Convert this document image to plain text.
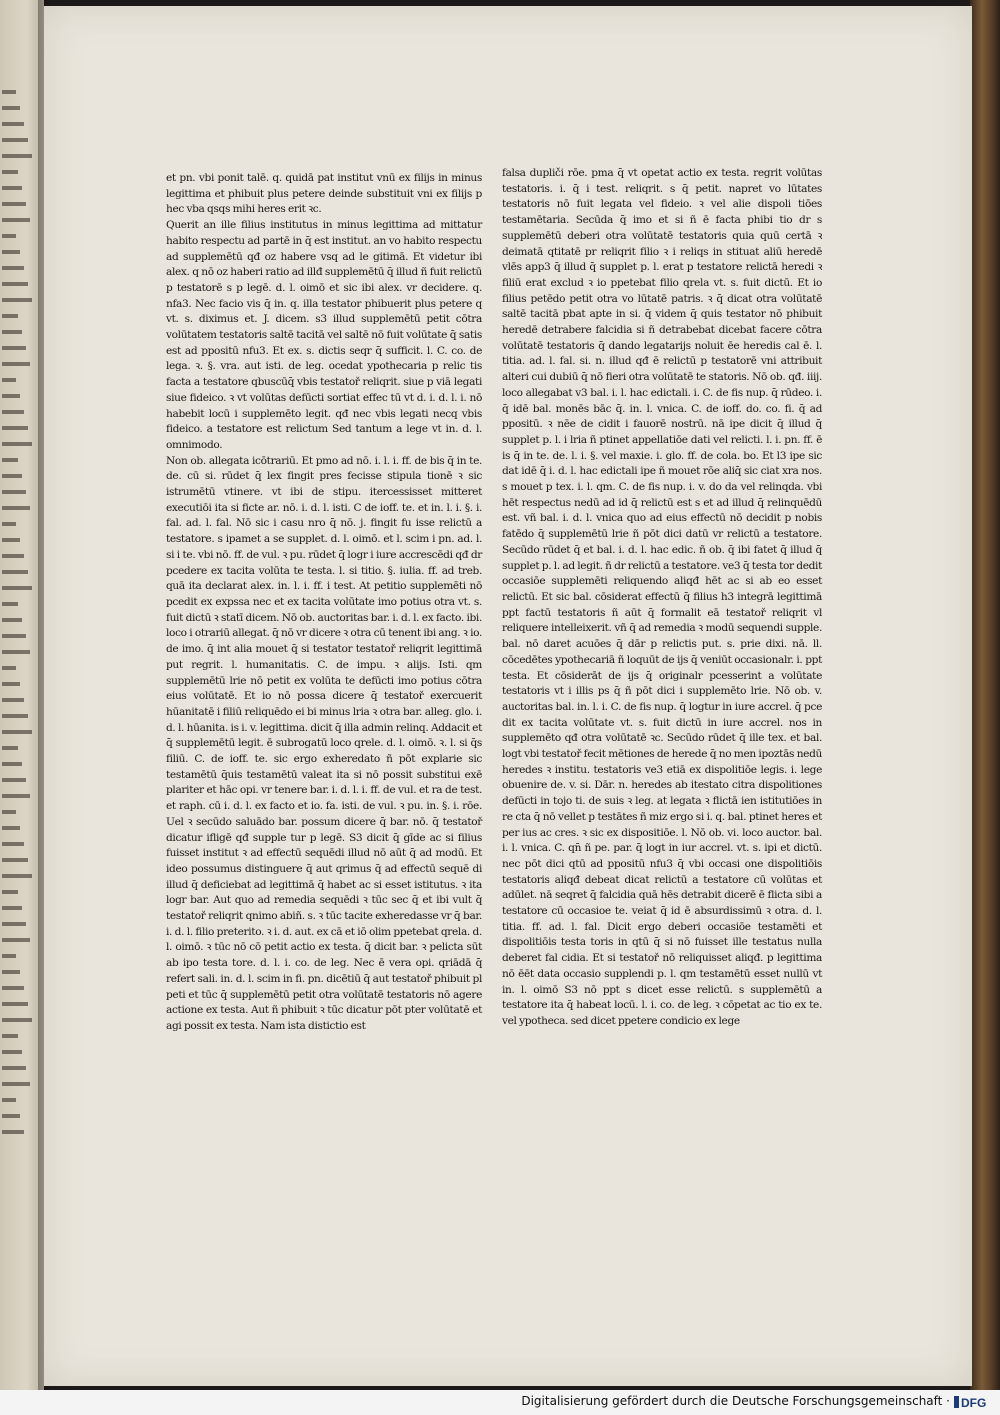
et pn. vbi ponit talē. q. quidā pat institut vnū ex filijs in minus legittima et phibuit plus petere deinde substituit vni ex filijs p hec vba qsqs mihi heres erit ꝛc.

Querit an ille filius institutus in minus legittima ad mittatur habito respectu ad partē in q̄ est institut. an vo habito respectu ad supplemētū qđ oz habere vsq ad le gitimā. Et videtur ibi alex. q nō oz haberi ratio ad illđ supplemētū q̄ illud ñ fuit relictū p testatorē s p legē. d. l. oimō et sic ibi alex. vr decidere. q. nfa3. Nec facio vis q̄ in. q. illa testator phibuerit plus petere q vt. s. diximus et. J. dicem. s3 illud supplemētū petit cōtra volūtatem testatoris saltē tacitā vel saltē nō fuit volūtate q̄ satis est ad ppositū nfu3. Et ex. s. dictis seqr q̄ sufficit. l. C. co. de lega. ꝛ. §. vra. aut isti. de leg. ocedat ypothecaria p relic tis facta a testatore qbuscūq̄ vbis testatoř reliqrit. siue p viā legati siue fideico. ꝛ vt volūtas defūcti sortiat effec tū vt d. i. d. l. i. nō habebit locū i supplemēto legit. qđ nec vbis legati necq vbis fideico. a testatore est relictum Sed tantum a lege vt in. d. l. omnimodo.

Non ob. allegata icōtrariū. Et pmo ad nō. i. l. i. ff. de bis q̄ in te. de. cū si. rūdet q̄ lex fingit pres fecisse stipula tionē ꝛ sic istrumētū vtinere. vt ibi de stipu. itercessisset mitteret executiōi ita si ficte ar. nō. i. d. l. isti. C de ioff. te. et in. l. i. §. i. fal. ad. l. fal. Nō sic i casu nro q̄ nō. j. fingit fu isse relictū a testatore. s ipamet a se supplet. d. l. oimō. et l. scim i pn. ad. l. si i te. vbi nō. ff. de vul. ꝛ pu. rūdet q̄ logr i iure accrescēdi qđ dr pcedere ex tacita volūta te testa. l. si titio. §. iulia. ff. ad treb. quā ita declarat alex. in. l. i. ff. i test. At petitio supplemēti nō pcedit ex expssa nec et ex tacita volūtate imo potius otra vt. s. fuit dictū ꝛ statī dicem. Nō ob. auctoritas bar. i. d. l. ex facto. ibi. loco i otrariū allegat. q̄ nō vr dicere ꝛ otra cū tenent ibi ang. ꝛ io. de imo. q̄ int alia mouet q̄ si testator testatoř reliqrit legittimā put regrit. l. humanitatis. C. de impu. ꝛ alijs. Isti. qm supplemētū lrie nō petit ex volūta te defūcti imo potius cōtra eius volūtatē. Et io nō possa dicere q̄ testatoř exercuerit hūanitatē i filiū reliquēdo ei bi minus lria ꝛ otra bar. alleg. glo. i. d. l. hūanita. is i. v. legittima. dicit q̄ illa admin relinq. Addacit et q̄ supplemētū legit. ē subrogatū loco qrele. d. l. oimō. ꝛ. l. si q̄s filiū. C. de ioff. te. sic ergo exheredato ñ pōt explarie sic testamētū q̄uis testamētū valeat ita si nō possit substitui exē plariter et hāc opi. vr tenere bar. i. d. l. i. ff. de vul. et ra de test. et raph. cū i. d. l. ex facto et io. fa. isti. de vul. ꝛ pu. in. §. i. rōe. Uel ꝛ secūdo saluādo bar. possum dicere q̄ bar. nō. q̄ testatoř dicatur ifligē qđ supple tur p legē. S3 dicit q̄ gīde ac si filius fuisset institut ꝛ ad effectū sequēdi illud nō aūt q̄ ad modū. Et ideo possumus distinguere q̄ aut qrimus q̄ ad effectū sequē di illud q̄ deficiebat ad legittimā q̄ habet ac si esset istitutus. ꝛ ita logr bar. Aut quo ad remedia sequēdi ꝛ tūc sec q̄ et ibi vult q̄ testatoř reliqrit qnimo abiñ. s. ꝛ tūc tacite exheredasse vr q̄ bar. i. d. l. filio preterito. ꝛ i. d. aut. ex cā et iō olim ppetebat qrela. d. l. oimō. ꝛ tūc nō cō petit actio ex testa. q̄ dicit bar. ꝛ pelicta sūt ab ipo testa tore. d. l. i. co. de leg. Nec ē vera opi. qriādā q̄ refert sali. in. d. l. scim in fi. pn. dicētiū q̄ aut testatoř phibuit pl peti et tūc q̄ supplemētū petit otra volūtatē testatoris nō agere actione ex testa. Aut ñ phibuit ꝛ tūc dicatur pōt pter volūtatē et agi possit ex testa. Nam ista distictio est

falsa dupliči rōe. pma q̄ vt opetat actio ex testa. regrit volūtas testatoris. i. q̄ i test. reliqrit. s q̄ petit. napret vo lūtates testatoris nō fuit legata vel fideio. ꝛ vel alie dispoli tiōes testamētaria. Secūda q̄ imo et si ñ ē facta phibi tio dr s supplemētū deberi otra volūtatē testatoris quia quū certā ꝛ deimatā qtitatē pr reliqrit filio ꝛ i reliqs in stituat aliū heredē vlēs app3 q̄ illud q̄ supplet p. l. erat p testatore relictā heredi ꝛ filiū erat exclud ꝛ io ppetebat filio qrela vt. s. fuit dictū. Et io filius petēdo petit otra vo lūtatē patris. ꝛ q̄ dicat otra volūtatē saltē tacitā pbat apte in si. q̄ videm q̄ quis testator nō phibuit heredē detrabere falcidia si ñ detrabebat dicebat facere cōtra volūtatē testatoris q̄ dando legatarijs noluit ēe heredis cal ē. l. titia. ad. l. fal. si. n. illud qđ ē relictū p testatorē vni attribuit alteri cui dubiū q̄ nō fieri otra volūtatē te statoris. Nō ob. qđ. iiij. loco allegabat v3 bal. i. l. hac edictali. i. C. de fis nup. q̄ rūdeo. i. q̄ idē bal. monēs bāc q̄. in. l. vnica. C. de ioff. do. co. fi. q̄ ad ppositū. ꝛ nēe de cidit i fauorē nostrū. nā ipe dicit q̄ illud q̄ supplet p. l. i lria ñ ptinet appellatiōe dati vel relicti. l. i. pn. ff. ē is q̄ in te. de. l. i. §. vel maxie. i. glo. ff. de cola. bo. Et l3 ipe sic dat idē q̄ i. d. l. hac edictali ipe ñ mouet rōe aliq̄ sic ciat xra nos. s mouet p tex. i. l. qm. C. de fis nup. i. v. do da vel relinqda. vbi hēt respectus nedū ad id q̄ relictū est s et ad illud q̄ relinquēdū est. vñ bal. i. d. l. vnica quo ad eius effectū nō decidit p nobis fatēdo q̄ supplemētū lrie ñ pōt dici datū vr relictū a testatore. Secūdo rūdet q̄ et bal. i. d. l. hac edic. ñ ob. q̄ ibi fatet q̄ illud q̄ supplet p. l. ad legit. ñ dr relictū a testatore. ve3 q̄ testa tor dedit occasiōe supplemēti reliquendo aliqđ hēt ac si ab eo esset relictū. Et sic bal. cōsiderat effectū q̄ filius h3 integrā legittimā ppt factū testatoris ñ aūt q̄ formalit eā testatoř reliqrit vl reliquere intelleixerit. vñ q̄ ad remedia ꝛ modū sequendi supple. bal. nō daret acuōes q̄ dār p relictis put. s. prie dixi. nā. ll. cōcedētes ypothecariā ñ loquūt de ijs q̄ veniūt occasionalr. i. ppt testa. Et cōsiderāt de ijs q̄ originalr pcesserint a volūtate testatoris vt i illis ps q̄ ñ pōt dici i supplemēto lrie. Nō ob. v. auctoritas bal. in. l. i. C. de fis nup. q̄ logtur in iure accrel. q̄ pce dit ex tacita volūtate vt. s. fuit dictū in iure accrel. nos in supplemēto qđ otra volūtatē ꝛc. Secūdo rūdet q̄ ille tex. et bal. logt vbi testatoř fecit mētiones de herede q̄ no men ipoztās nedū heredes ꝛ institu. testatoris ve3 etiā ex dispolitiōe legis. i. lege obuenire de. v. si. Dār. n. heredes ab itestato citra dispolitiones defūcti in tojo ti. de suis ꝛ leg. at legata ꝛ flictā ien istitutiōes in re cta q̄ nō vellet p testātes ñ miz ergo si i. q. bal. ptinet heres et per ius ac cres. ꝛ sic ex dispositiōe. l. Nō ob. vi. loco auctor. bal. i. l. vnica. C. qn̄ ñ pe. par. q̄ logt in iur accrel. vt. s. ipi et dictū. nec pōt dici qtū ad ppositū nfu3 q̄ vbi occasi one dispolitiōis testatoris aliqđ debeat dicat relictū a testatore cū volūtas et adūlet. nā seqret q̄ falcidia quā hēs detrabit dicerē ē flicta sibi a testatore cū occasioe te. veiat q̄ id ē absurdissimū ꝛ otra. d. l. titia. ff. ad. l. fal. Dicit ergo deberi occasiōe testamēti et dispolitiōis testa toris in qtū q̄ si nō fuisset ille testatus nulla deberet fal cidia. Et si testatoř nō reliquisset aliqđ. p legittima nō ēēt data occasio supplendi p. l. qm testamētū esset nullū vt in. l. oimō S3 nō ppt s dicet esse relictū. s supplemētū a testatore ita q̄ habeat locū. l. i. co. de leg. ꝛ cōpetat ac tio ex te. vel ypotheca. sed dicet ppetere condicio ex lege

Digitalisierung gefördert durch die Deutsche Forschungsgemeinschaft · DFG
